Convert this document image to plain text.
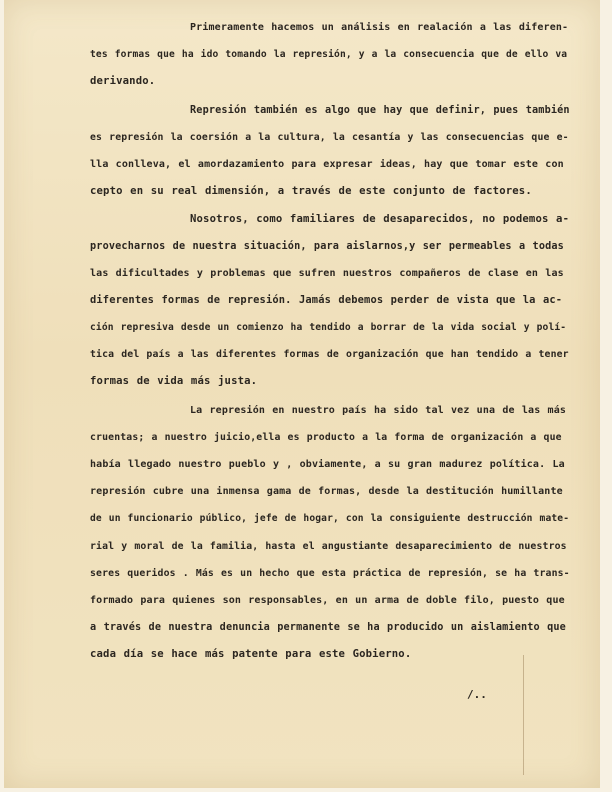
Primeramente hacemos un análisis en realación a las diferen-

tes formas que ha ido tomando la represión, y a la consecuencia que de ello va

derivando.

Represión también es algo que hay que definir, pues también

es represión la coersión a la cultura, la cesantía y las consecuencias que e-

lla conlleva, el amordazamiento para expresar ideas, hay que tomar este con

cepto en su real dimensión, a través de este conjunto de factores.

Nosotros, como familiares de desaparecidos, no podemos a-

provecharnos de nuestra situación, para aislarnos,y ser permeables a todas

las dificultades y problemas que sufren nuestros compañeros de clase en las

diferentes formas de represión. Jamás debemos perder de vista que la ac-

ción represiva desde un comienzo ha tendido a borrar de la vida social y polí-

tica del país a las diferentes formas de organización que han tendido a tener

formas de vida más justa.

La represión en nuestro país ha sido tal vez una de las más

cruentas; a nuestro juicio,ella es producto a la forma de organización a que

había llegado nuestro pueblo y , obviamente, a su gran madurez política. La

represión cubre una inmensa gama de formas, desde la destitución humillante

de un funcionario público, jefe de hogar, con la consiguiente destrucción mate-

rial y moral de la familia, hasta el angustiante desaparecimiento de nuestros

seres queridos . Más es un hecho que esta práctica de represión, se ha trans-

formado para quienes son responsables, en un arma de doble filo, puesto que

a través de nuestra denuncia permanente se ha producido un aislamiento que

cada día se hace más patente para este Gobierno.

/..
